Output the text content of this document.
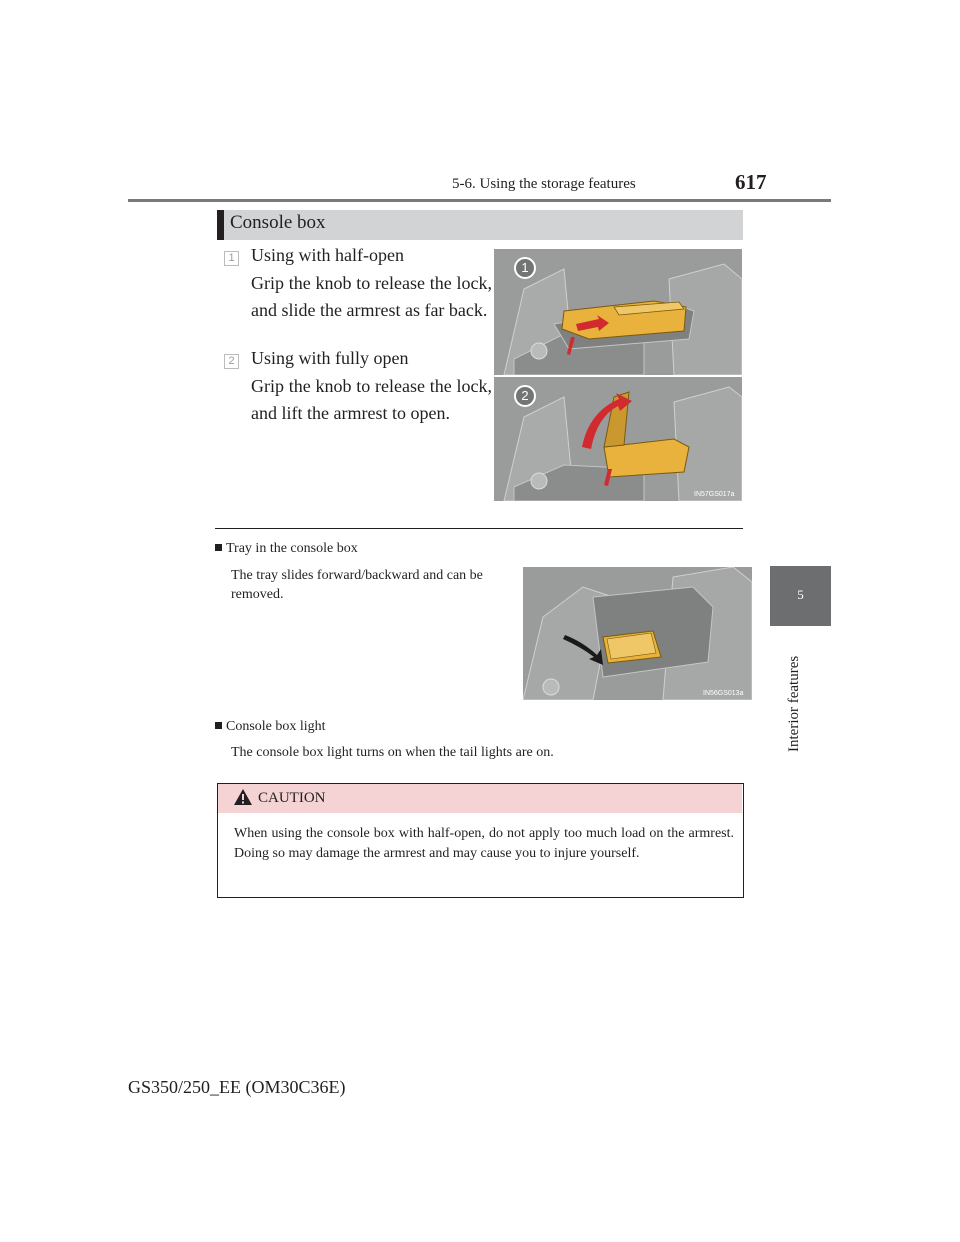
5-6. Using the storage features	617
5
Interior features
Console box
1 Using with half-open
Grip the knob to release the lock, and slide the armrest as far back.
2 Using with fully open
Grip the knob to release the lock, and lift the armrest to open.
1
2
IN57GS017a
Tray in the console box
The tray slides forward/backward and can be removed.
IN56GS013a
Console box light
The console box light turns on when the tail lights are on.
CAUTION
When using the console box with half-open, do not apply too much load on the armrest. Doing so may damage the armrest and may cause you to injure yourself.
GS350/250_EE (OM30C36E)
